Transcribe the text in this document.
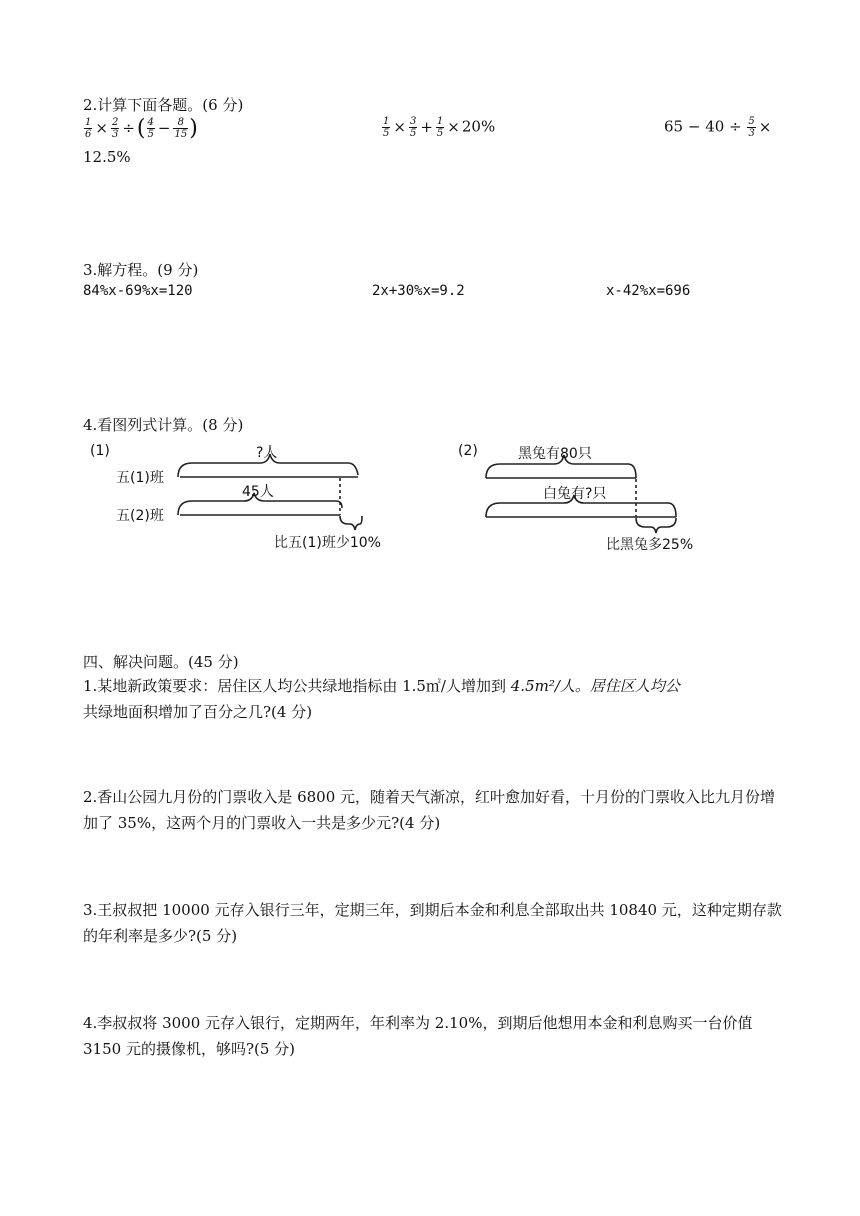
2.计算下面各题。(6 分)
$\frac{1}{6} \times \frac{2}{3}$ ÷( $\frac{4}{5} - \frac{8}{15}$ )	$\frac{1}{5} \times \frac{3}{5} + \frac{1}{5} \times 20\%$	$65 - 40 \div \frac{5}{3}$ ×
12.5%
3.解方程。(9 分)
84%x-69%x=120	2x+30%x=9.2	x-42%x=696
4.看图列式计算。(8 分)
(1)	?人
五(1)班
45人
五(2)班
比五(1)班少10%
(2)	黑兔有80只
白兔有?只
比黑兔多25%
四、解决问题。(45 分)
1.某地新政策要求：居住区人均公共绿地指标由 1.5㎡/人增加到 4.5m²/人。居住区人均公
共绿地面积增加了百分之几?(4 分)
2.香山公园九月份的门票收入是 6800 元，随着天气渐凉，红叶愈加好看，十月份的门票收入比九月份增加了 35%，这两个月的门票收入一共是多少元?(4 分)
3.王叔叔把 10000 元存入银行三年，定期三年，到期后本金和利息全部取出共 10840 元，这种定期存款的年利率是多少?(5 分)
4.李叔叔将 3000 元存入银行，定期两年，年利率为 2.10%，到期后他想用本金和利息购买一台价值 3150 元的摄像机，够吗?(5 分)
